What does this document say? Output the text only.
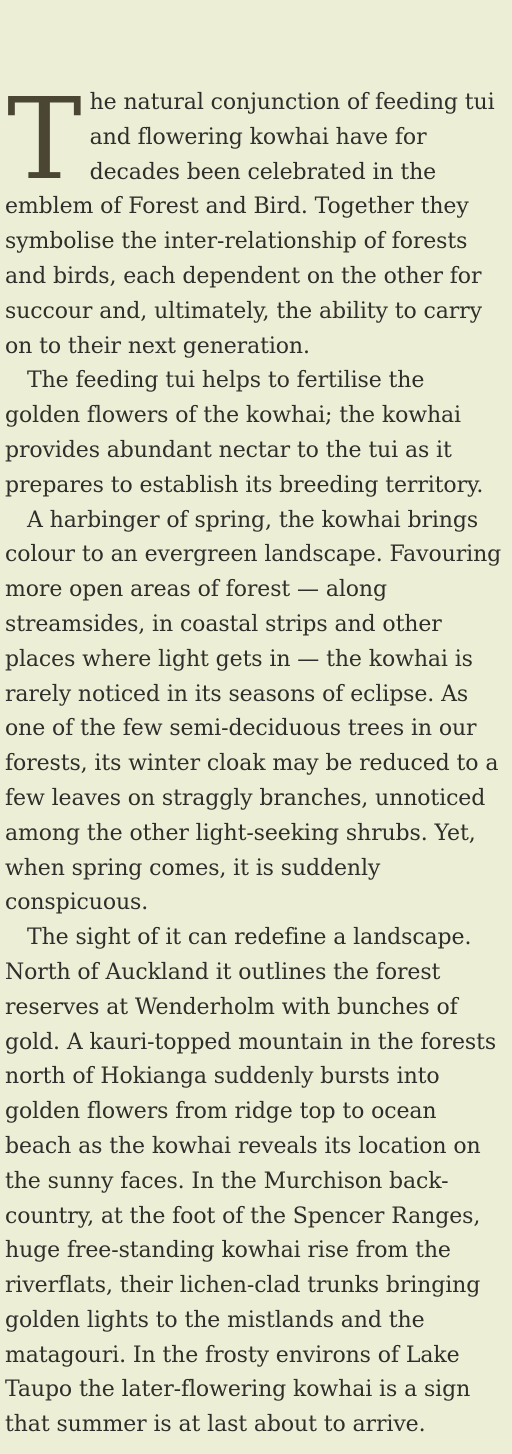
T he natural conjunction of feeding tui and flowering kowhai have for decades been celebrated in the emblem of Forest and Bird. Together they symbolise the inter-relationship of forests and birds, each dependent on the other for succour and, ultimately, the ability to carry on to their next generation.

The feeding tui helps to fertilise the golden flowers of the kowhai; the kowhai provides abundant nectar to the tui as it prepares to establish its breeding territory.

A harbinger of spring, the kowhai brings colour to an evergreen landscape. Favouring more open areas of forest — along streamsides, in coastal strips and other places where light gets in — the kowhai is rarely noticed in its seasons of eclipse. As one of the few semi-deciduous trees in our forests, its winter cloak may be reduced to a few leaves on straggly branches, unnoticed among the other light-seeking shrubs. Yet, when spring comes, it is suddenly conspicuous.

The sight of it can redefine a landscape. North of Auckland it outlines the forest reserves at Wenderholm with bunches of gold. A kauri-topped mountain in the forests north of Hokianga suddenly bursts into golden flowers from ridge top to ocean beach as the kowhai reveals its location on the sunny faces. In the Murchison back-country, at the foot of the Spencer Ranges, huge free-standing kowhai rise from the riverflats, their lichen-clad trunks bringing golden lights to the mistlands and the matagouri. In the frosty environs of Lake Taupo the later-flowering kowhai is a sign that summer is at last about to arrive.
